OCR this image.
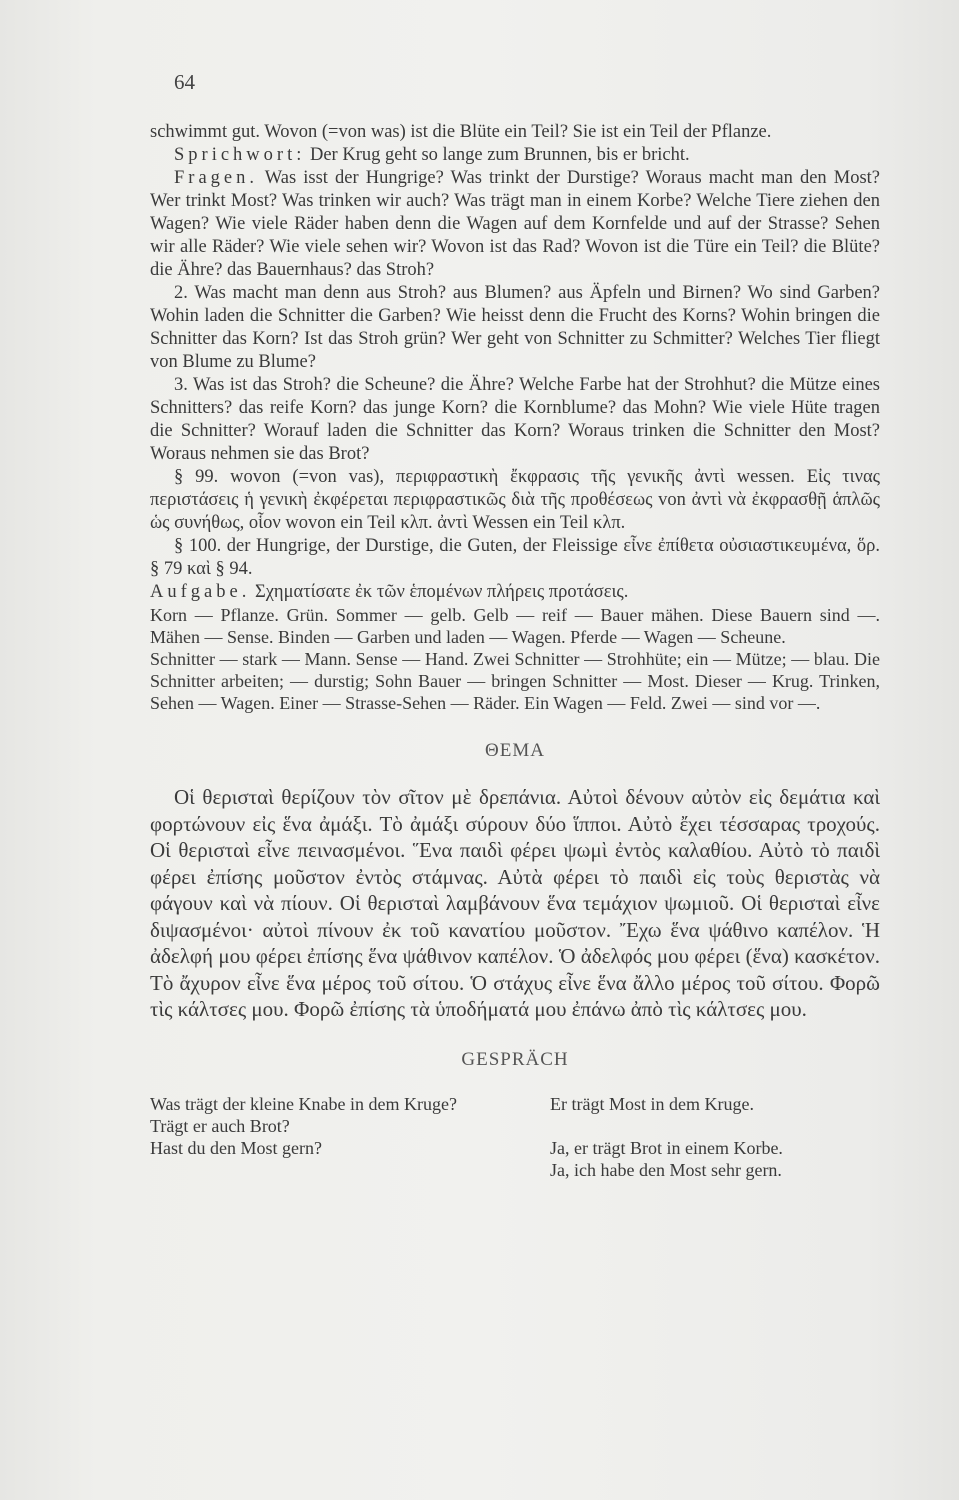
64

schwimmt gut. Wovon (=von was) ist die Blüte ein Teil? Sie ist ein Teil der Pflanze.

Sprichwort: Der Krug geht so lange zum Brunnen, bis er bricht.

Fragen. Was isst der Hungrige? Was trinkt der Durstige? Woraus macht man den Most? Wer trinkt Most? Was trinken wir auch? Was trägt man in einem Korbe? Welche Tiere ziehen den Wagen? Wie viele Räder haben denn die Wagen auf dem Kornfelde und auf der Strasse? Sehen wir alle Räder? Wie viele sehen wir? Wovon ist das Rad? Wovon ist die Türe ein Teil? die Blüte? die Ähre? das Bauernhaus? das Stroh?

2. Was macht man denn aus Stroh? aus Blumen? aus Äpfeln und Birnen? Wo sind Garben? Wohin laden die Schnitter die Garben? Wie heisst denn die Frucht des Korns? Wohin bringen die Schnitter das Korn? Ist das Stroh grün? Wer geht von Schnitter zu Schmitter? Welches Tier fliegt von Blume zu Blume?

3. Was ist das Stroh? die Scheune? die Ähre? Welche Farbe hat der Strohhut? die Mütze eines Schnitters? das reife Korn? das junge Korn? die Kornblume? das Mohn? Wie viele Hüte tragen die Schnitter? Worauf laden die Schnitter das Korn? Woraus trinken die Schnitter den Most? Woraus nehmen sie das Brot?

§ 99. wovon (=von vas), περιφραστικὴ ἔκφρασις τῆς γενικῆς ἀντὶ wessen. Εἰς τινας περιστάσεις ἡ γενικὴ ἐκφέρεται περιφραστικῶς διὰ τῆς προθέσεως von ἀντὶ νὰ ἐκφρασθῇ ἁπλῶς ὡς συνήθως, οἷον wovon ein Teil κλπ. ἀντὶ Wessen ein Teil κλπ.

§ 100. der Hungrige, der Durstige, die Guten, der Fleissige εἶνε ἐπίθετα οὐσιαστικευμένα, ὅρ. § 79 καὶ § 94.

Aufgabe. Σχηματίσατε ἐκ τῶν ἑπομένων πλήρεις προτάσεις.

Korn — Pflanze. Grün. Sommer — gelb. Gelb — reif — Bauer mähen. Diese Bauern sind —. Mähen — Sense. Binden — Garben und laden — Wagen. Pferde — Wagen — Scheune.

Schnitter — stark — Mann. Sense — Hand. Zwei Schnitter — Strohhüte; ein — Mütze; — blau. Die Schnitter arbeiten; — durstig; Sohn Bauer — bringen Schnitter — Most. Dieser — Krug. Trinken, Sehen — Wagen. Einer — Strasse-Sehen — Räder. Ein Wagen — Feld. Zwei — sind vor —.

ΘΕΜΑ

Οἱ θερισταὶ θερίζουν τὸν σῖτον μὲ δρεπάνια. Αὐτοὶ δένουν αὐτὸν εἰς δεμάτια καὶ φορτώνουν εἰς ἕνα ἀμάξι. Τὸ ἀμάξι σύρουν δύο ἵπποι. Αὐτὸ ἔχει τέσσαρας τροχούς. Οἱ θερισταὶ εἶνε πεινασμένοι. Ἕνα παιδὶ φέρει ψωμὶ ἐντὸς καλαθίου. Αὐτὸ τὸ παιδὶ φέρει ἐπίσης μοῦστον ἐντὸς στάμνας. Αὐτὰ φέρει τὸ παιδὶ εἰς τοὺς θεριστὰς νὰ φάγουν καὶ νὰ πίουν. Οἱ θερισταὶ λαμβάνουν ἕνα τεμάχιον ψωμιοῦ. Οἱ θερισταὶ εἶνε διψασμένοι· αὐτοὶ πίνουν ἐκ τοῦ κανατίου μοῦστον. Ἔχω ἕνα ψάθινο καπέλον. Ἡ ἀδελφή μου φέρει ἐπίσης ἕνα ψάθινον καπέλον. Ὁ ἀδελφός μου φέρει (ἕνα) κασκέτον. Τὸ ἄχυρον εἶνε ἕνα μέρος τοῦ σίτου. Ὁ στάχυς εἶνε ἕνα ἄλλο μέρος τοῦ σίτου. Φορῶ τὶς κάλτσες μου. Φορῶ ἐπίσης τὰ ὑποδήματά μου ἐπάνω ἀπὸ τὶς κάλτσες μου.

GESPRÄCH
Was trägt der kleine Knabe in dem Kruge?
Trägt er auch Brot?
Hast du den Most gern?
Er trägt Most in dem Kruge.
Ja, er trägt Brot in einem Korbe.
Ja, ich habe den Most sehr gern.
